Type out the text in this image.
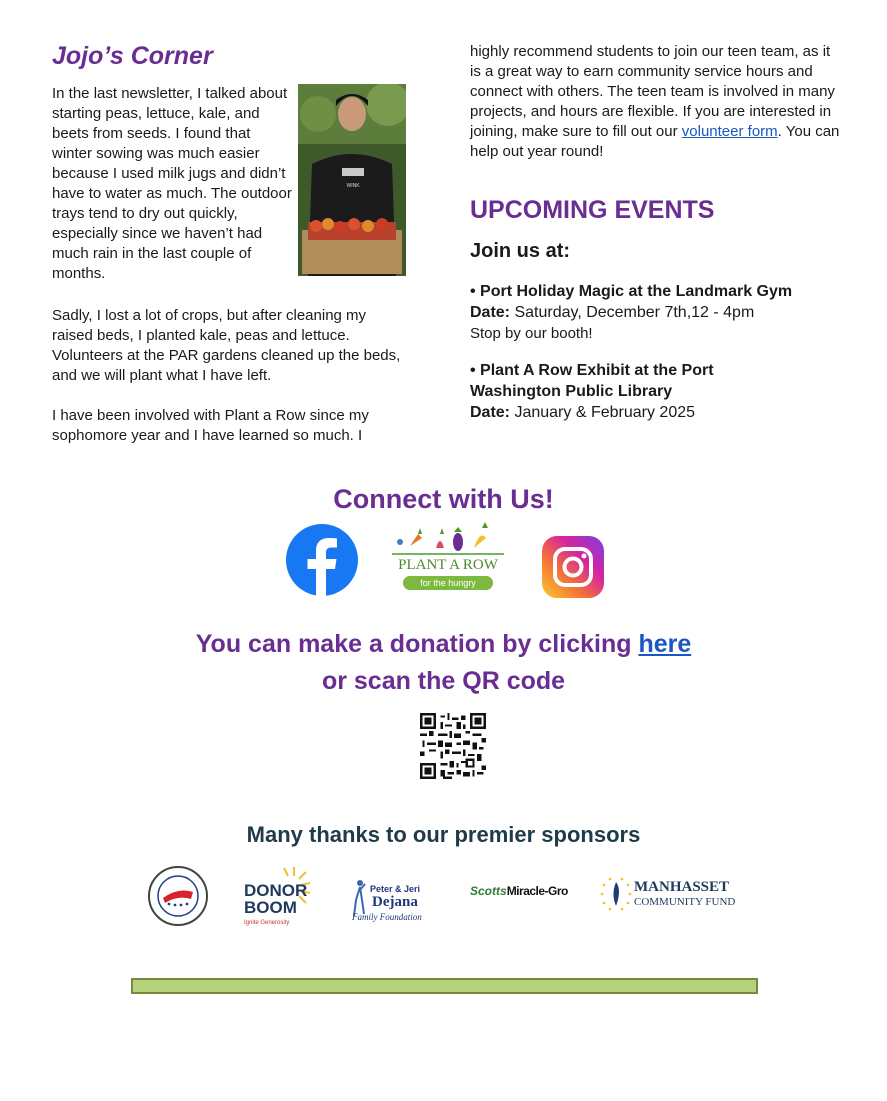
Jojo’s Corner

In the last newsletter, I talked about starting peas, lettuce, kale, and beets from seeds. I found that winter sowing was much easier because I used milk jugs and didn’t have to water as much. The outdoor trays tend to dry out quickly, especially since we haven’t had much rain in the last couple of months.

WINK

Sadly, I lost a lot of crops, but after cleaning my raised beds, I planted kale, peas and lettuce. Volunteers at the PAR gardens cleaned up the beds, and we will plant what I have left.

I have been involved with Plant a Row since my sophomore year and I have learned so much. I

highly recommend students to join our teen team, as it is a great way to earn community service hours and connect with others. The teen team is involved in many projects, and hours are flexible. If you are interested in joining, make sure to fill out our volunteer form. You can help out year round!

UPCOMING EVENTS

Join us at:

• Port Holiday Magic at the Landmark Gym

Date: Saturday, December 7th,12 - 4pm

Stop by our booth!

• Plant A Row Exhibit at the Port Washington Public Library

Date: January & February 2025

Connect with Us!
PLANT A ROW
for the hungry
You can make a donation by clicking here
or scan the QR code
Many thanks to our premier sponsors
DONOR
BOOM
Ignite Generosity
Peter & Jeri
Dejana
Family Foundation
ScottsMiracle-Gro	MANHASSET
COMMUNITY FUND
